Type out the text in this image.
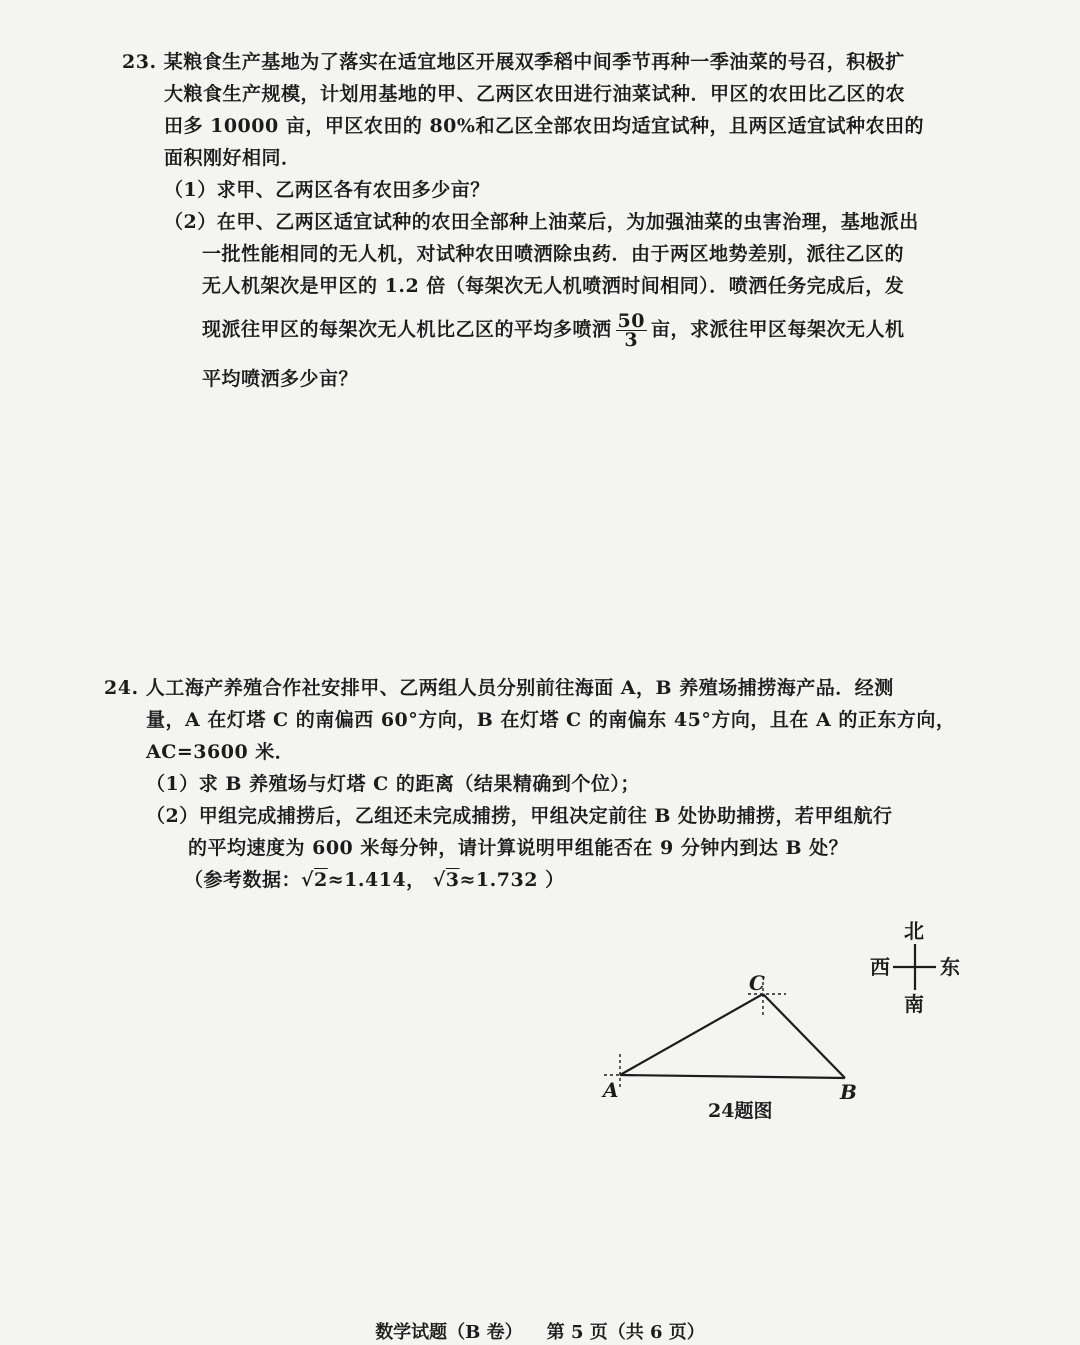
23. 某粮食生产基地为了落实在适宜地区开展双季稻中间季节再种一季油菜的号召，积极扩
大粮食生产规模，计划用基地的甲、乙两区农田进行油菜试种．甲区的农田比乙区的农
田多 10000 亩，甲区农田的 80%和乙区全部农田均适宜试种，且两区适宜试种农田的
面积刚好相同．
（1）求甲、乙两区各有农田多少亩？
（2）在甲、乙两区适宜试种的农田全部种上油菜后，为加强油菜的虫害治理，基地派出
一批性能相同的无人机，对试种农田喷洒除虫药．由于两区地势差别，派往乙区的
无人机架次是甲区的 1.2 倍（每架次无人机喷洒时间相同）．喷洒任务完成后，发
现派往甲区的每架次无人机比乙区的平均多喷洒 $\frac{50}{3}$ 亩，求派往甲区每架次无人机
平均喷洒多少亩？
24. 人工海产养殖合作社安排甲、乙两组人员分别前往海面 A，B 养殖场捕捞海产品．经测
量，A 在灯塔 C 的南偏西 60°方向，B 在灯塔 C 的南偏东 45°方向，且在 A 的正东方向，
AC=3600 米．
（1）求 B 养殖场与灯塔 C 的距离（结果精确到个位）；
（2）甲组完成捕捞后，乙组还未完成捕捞，甲组决定前往 B 处协助捕捞，若甲组航行
的平均速度为 600 米每分钟，请计算说明甲组能否在 9 分钟内到达 B 处？
（参考数据：√2≈1.414， √3≈1.732 ）
北
南
西	东
C
A	B
24题图
数学试题（B 卷） 第 5 页（共 6 页）
